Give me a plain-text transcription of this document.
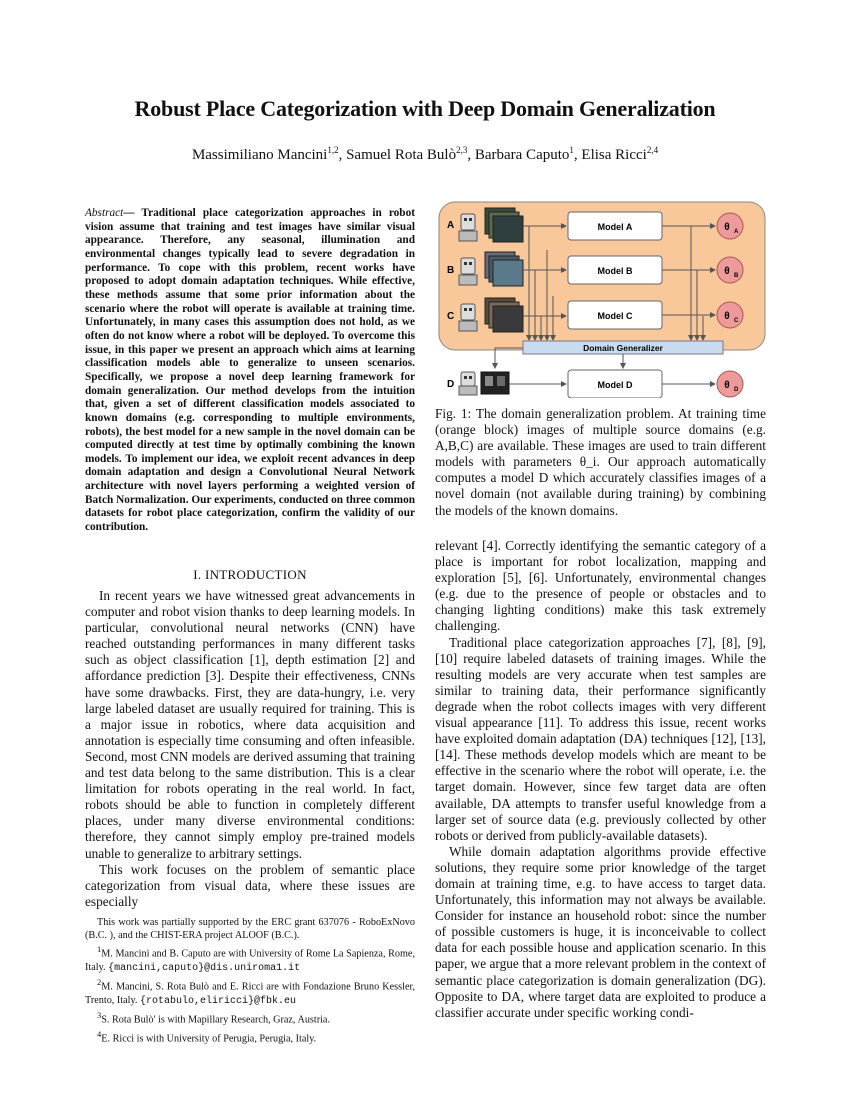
Robust Place Categorization with Deep Domain Generalization
Massimiliano Mancini$^{1,2}$, Samuel Rota Bulò$^{2,3}$, Barbara Caputo$^1$, Elisa Ricci$^{2,4}$
Abstract— Traditional place categorization approaches in robot vision assume that training and test images have similar visual appearance. Therefore, any seasonal, illumination and environmental changes typically lead to severe degradation in performance. To cope with this problem, recent works have proposed to adopt domain adaptation techniques. While effective, these methods assume that some prior information about the scenario where the robot will operate is available at training time. Unfortunately, in many cases this assumption does not hold, as we often do not know where a robot will be deployed. To overcome this issue, in this paper we present an approach which aims at learning classification models able to generalize to unseen scenarios. Specifically, we propose a novel deep learning framework for domain generalization. Our method develops from the intuition that, given a set of different classification models associated to known domains (e.g. corresponding to multiple environments, robots), the best model for a new sample in the novel domain can be computed directly at test time by optimally combining the known models. To implement our idea, we exploit recent advances in deep domain adaptation and design a Convolutional Neural Network architecture with novel layers performing a weighted version of Batch Normalization. Our experiments, conducted on three common datasets for robot place categorization, confirm the validity of our contribution.
I. INTRODUCTION

In recent years we have witnessed great advancements in computer and robot vision thanks to deep learning models. In particular, convolutional neural networks (CNN) have reached outstanding performances in many different tasks such as object classification [1], depth estimation [2] and affordance prediction [3]. Despite their effectiveness, CNNs have some drawbacks. First, they are data-hungry, i.e. very large labeled dataset are usually required for training. This is a major issue in robotics, where data acquisition and annotation is especially time consuming and often infeasible. Second, most CNN models are derived assuming that training and test data belong to the same distribution. This is a clear limitation for robots operating in the real world. In fact, robots should be able to function in completely different places, under many diverse environmental conditions: therefore, they cannot simply employ pre-trained models unable to generalize to arbitrary settings.

This work focuses on the problem of semantic place categorization from visual data, where these issues are especially

This work was partially supported by the ERC grant 637076 - RoboExNovo (B.C. ), and the CHIST-ERA project ALOOF (B.C.).

$^1$M. Mancini and B. Caputo are with University of Rome La Sapienza, Rome, Italy. {mancini,caputo}@dis.uniroma1.it

$^2$M. Mancini, S. Rota Bulò and E. Ricci are with Fondazione Bruno Kessler, Trento, Italy. {rotabulo,eliricci}@fbk.eu

$^3$S. Rota Bulò' is with Mapillary Research, Graz, Austria.

$^4$E. Ricci is with University of Perugia, Perugia, Italy.

A
B
C
D
Model A
Model B
Model C
Model D
θ A
θ B
θ C
θ D
Domain Generalizer

Fig. 1: The domain generalization problem. At training time (orange block) images of multiple source domains (e.g. A,B,C) are available. These images are used to train different models with parameters θ_i. Our approach automatically computes a model D which accurately classifies images of a novel domain (not available during training) by combining the models of the known domains.

relevant [4]. Correctly identifying the semantic category of a place is important for robot localization, mapping and exploration [5], [6]. Unfortunately, environmental changes (e.g. due to the presence of people or obstacles and to changing lighting conditions) make this task extremely challenging.

Traditional place categorization approaches [7], [8], [9], [10] require labeled datasets of training images. While the resulting models are very accurate when test samples are similar to training data, their performance significantly degrade when the robot collects images with very different visual appearance [11]. To address this issue, recent works have exploited domain adaptation (DA) techniques [12], [13], [14]. These methods develop models which are meant to be effective in the scenario where the robot will operate, i.e. the target domain. However, since few target data are often available, DA attempts to transfer useful knowledge from a larger set of source data (e.g. previously collected by other robots or derived from publicly-available datasets).

While domain adaptation algorithms provide effective solutions, they require some prior knowledge of the target domain at training time, e.g. to have access to target data. Unfortunately, this information may not always be available. Consider for instance an household robot: since the number of possible customers is huge, it is inconceivable to collect data for each possible house and application scenario. In this paper, we argue that a more relevant problem in the context of semantic place categorization is domain generalization (DG). Opposite to DA, where target data are exploited to produce a classifier accurate under specific working condi-
